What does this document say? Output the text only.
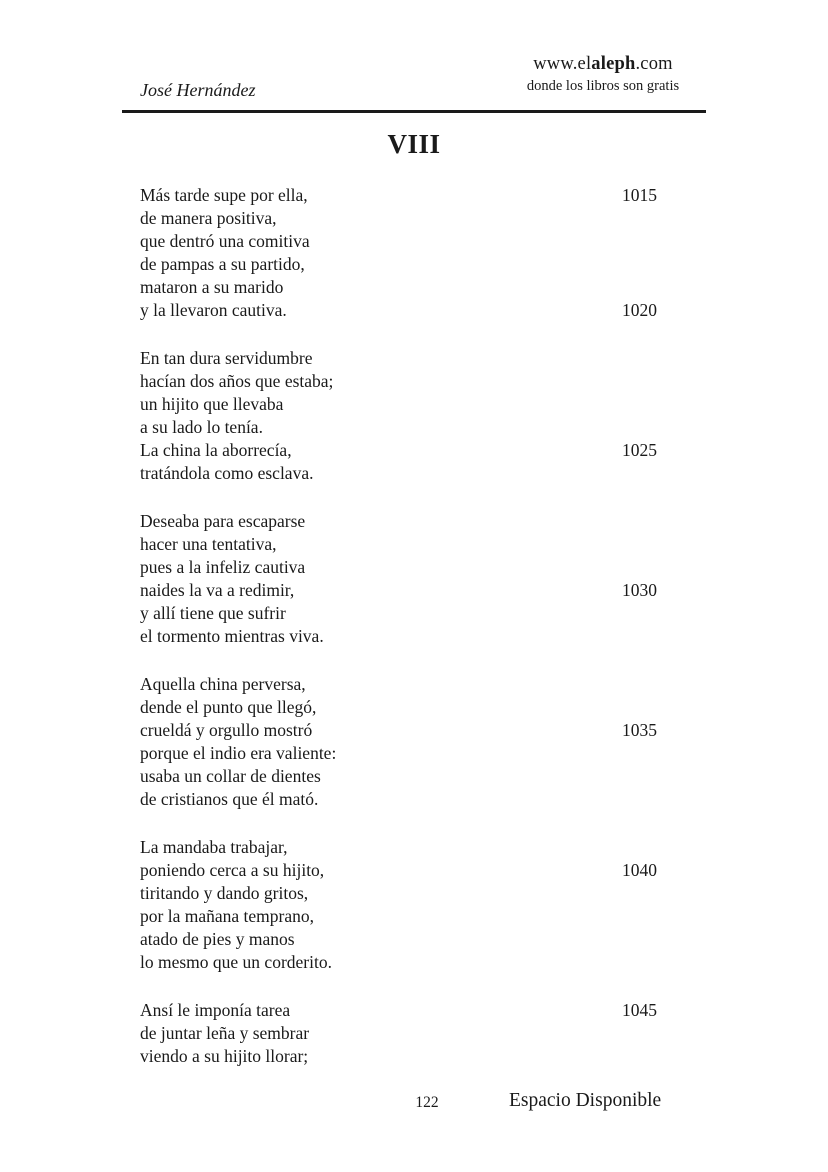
José Hernández
www.elaleph.com
donde los libros son gratis
VIII
Más tarde supe por ella,	1015
de manera positiva,
que dentró una comitiva
de pampas a su partido,
mataron a su marido
y la llevaron cautiva.	1020
En tan dura servidumbre
hacían dos años que estaba;
un hijito que llevaba
a su lado lo tenía.
La china la aborrecía,	1025
tratándola como esclava.
Deseaba para escaparse
hacer una tentativa,
pues a la infeliz cautiva
naides la va a redimir,	1030
y allí tiene que sufrir
el tormento mientras viva.
Aquella china perversa,
dende el punto que llegó,
crueldá y orgullo mostró	1035
porque el indio era valiente:
usaba un collar de dientes
de cristianos que él mató.
La mandaba trabajar,
poniendo cerca a su hijito,	1040
tiritando y dando gritos,
por la mañana temprano,
atado de pies y manos
lo mesmo que un corderito.
Ansí le imponía tarea	1045
de juntar leña y sembrar
viendo a su hijito llorar;
122	Espacio Disponible
